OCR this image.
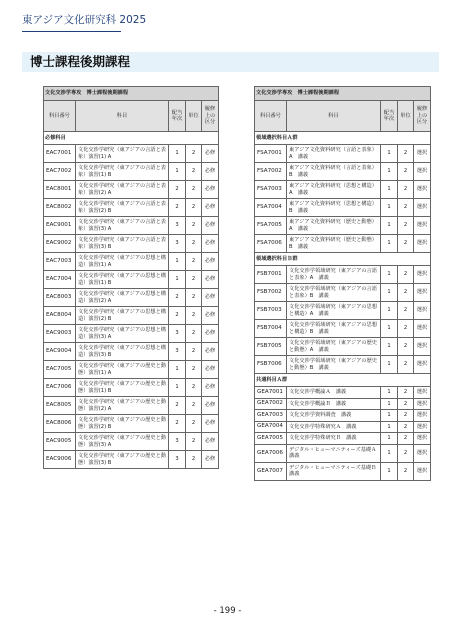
東アジア文化研究科 2025
博士課程後期課程
文化交渉学専攻　博士課程後期課程				
科目番号	科目	配当年次	単位	履修上の区分
必修科目				
EAC7001	文化交渉学研究（東アジアの言語と表象）演習(1) A	1	2	必修
EAC7002	文化交渉学研究（東アジアの言語と表象）演習(1) B	1	2	必修
EAC8001	文化交渉学研究（東アジアの言語と表象）演習(2) A	2	2	必修
EAC8002	文化交渉学研究（東アジアの言語と表象）演習(2) B	2	2	必修
EAC9001	文化交渉学研究（東アジアの言語と表象）演習(3) A	3	2	必修
EAC9002	文化交渉学研究（東アジアの言語と表象）演習(3) B	3	2	必修
EAC7003	文化交渉学研究（東アジアの思想と構造）演習(1) A	1	2	必修
EAC7004	文化交渉学研究（東アジアの思想と構造）演習(1) B	1	2	必修
EAC8003	文化交渉学研究（東アジアの思想と構造）演習(2) A	2	2	必修
EAC8004	文化交渉学研究（東アジアの思想と構造）演習(2) B	2	2	必修
EAC9003	文化交渉学研究（東アジアの思想と構造）演習(3) A	3	2	必修
EAC9004	文化交渉学研究（東アジアの思想と構造）演習(3) B	3	2	必修
EAC7005	文化交渉学研究（東アジアの歴史と動態）演習(1) A	1	2	必修
EAC7006	文化交渉学研究（東アジアの歴史と動態）演習(1) B	1	2	必修
EAC8005	文化交渉学研究（東アジアの歴史と動態）演習(2) A	2	2	必修
EAC8006	文化交渉学研究（東アジアの歴史と動態）演習(2) B	2	2	必修
EAC9005	文化交渉学研究（東アジアの歴史と動態）演習(3) A	3	2	必修
EAC9006	文化交渉学研究（東アジアの歴史と動態）演習(3) B	3	2	必修
文化交渉学専攻　博士課程後期課程				
科目番号	科目	配当年次	単位	履修上の区分
領域選択科目Ａ群				
FSA7001	東アジア文化資料研究（言語と表象）A　講義	1	2	選択
FSA7002	東アジア文化資料研究（言語と表象）B　講義	1	2	選択
FSA7003	東アジア文化資料研究（思想と構造）A　講義	1	2	選択
FSA7004	東アジア文化資料研究（思想と構造）B　講義	1	2	選択
FSA7005	東アジア文化資料研究（歴史と動態）A　講義	1	2	選択
FSA7006	東アジア文化資料研究（歴史と動態）B　講義	1	2	選択
領域選択科目Ｂ群				
FSB7001	文化交渉学領域研究（東アジアの言語と表象）A　講義	1	2	選択
FSB7002	文化交渉学領域研究（東アジアの言語と表象）B　講義	1	2	選択
FSB7003	文化交渉学領域研究（東アジアの思想と構造）A　講義	1	2	選択
FSB7004	文化交渉学領域研究（東アジアの思想と構造）B　講義	1	2	選択
FSB7005	文化交渉学領域研究（東アジアの歴史と動態）A　講義	1	2	選択
FSB7006	文化交渉学領域研究（東アジアの歴史と動態）B　講義	1	2	選択
共通科目Ａ群				
GEA7001	文化交渉学概論Ａ　講義	1	2	選択
GEA7002	文化交渉学概論Ｂ　講義	1	2	選択
GEA7003	文化交渉学資料調査　講義	1	2	選択
GEA7004	文化交渉学特殊研究Ａ　講義	1	2	選択
GEA7005	文化交渉学特殊研究Ｂ　講義	1	2	選択
GEA7006	デジタル・ヒューマニティーズ基礎Ａ　講義	1	2	選択
GEA7007	デジタル・ヒューマニティーズ基礎Ｂ　講義	1	2	選択
- 199 -
